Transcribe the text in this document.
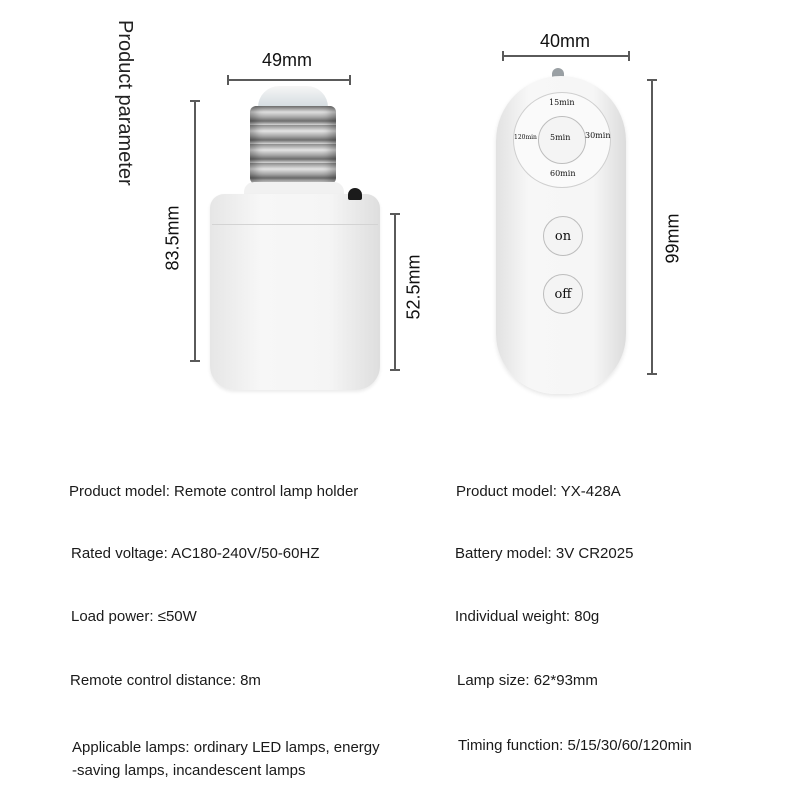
Product parameter	49mm
83.5mm
52.5mm
40mm
99mm
15min
120min 5min 30min
60min
on
off
Product model: Remote control lamp holder
Rated voltage: AC180-240V/50-60HZ
Load power: ≤50W
Remote control distance: 8m
Applicable lamps: ordinary LED lamps, energy
-saving lamps, incandescent lamps
Product model: YX-428A
Battery model: 3V CR2025
Individual weight: 80g
Lamp size: 62*93mm
Timing function: 5/15/30/60/120min
